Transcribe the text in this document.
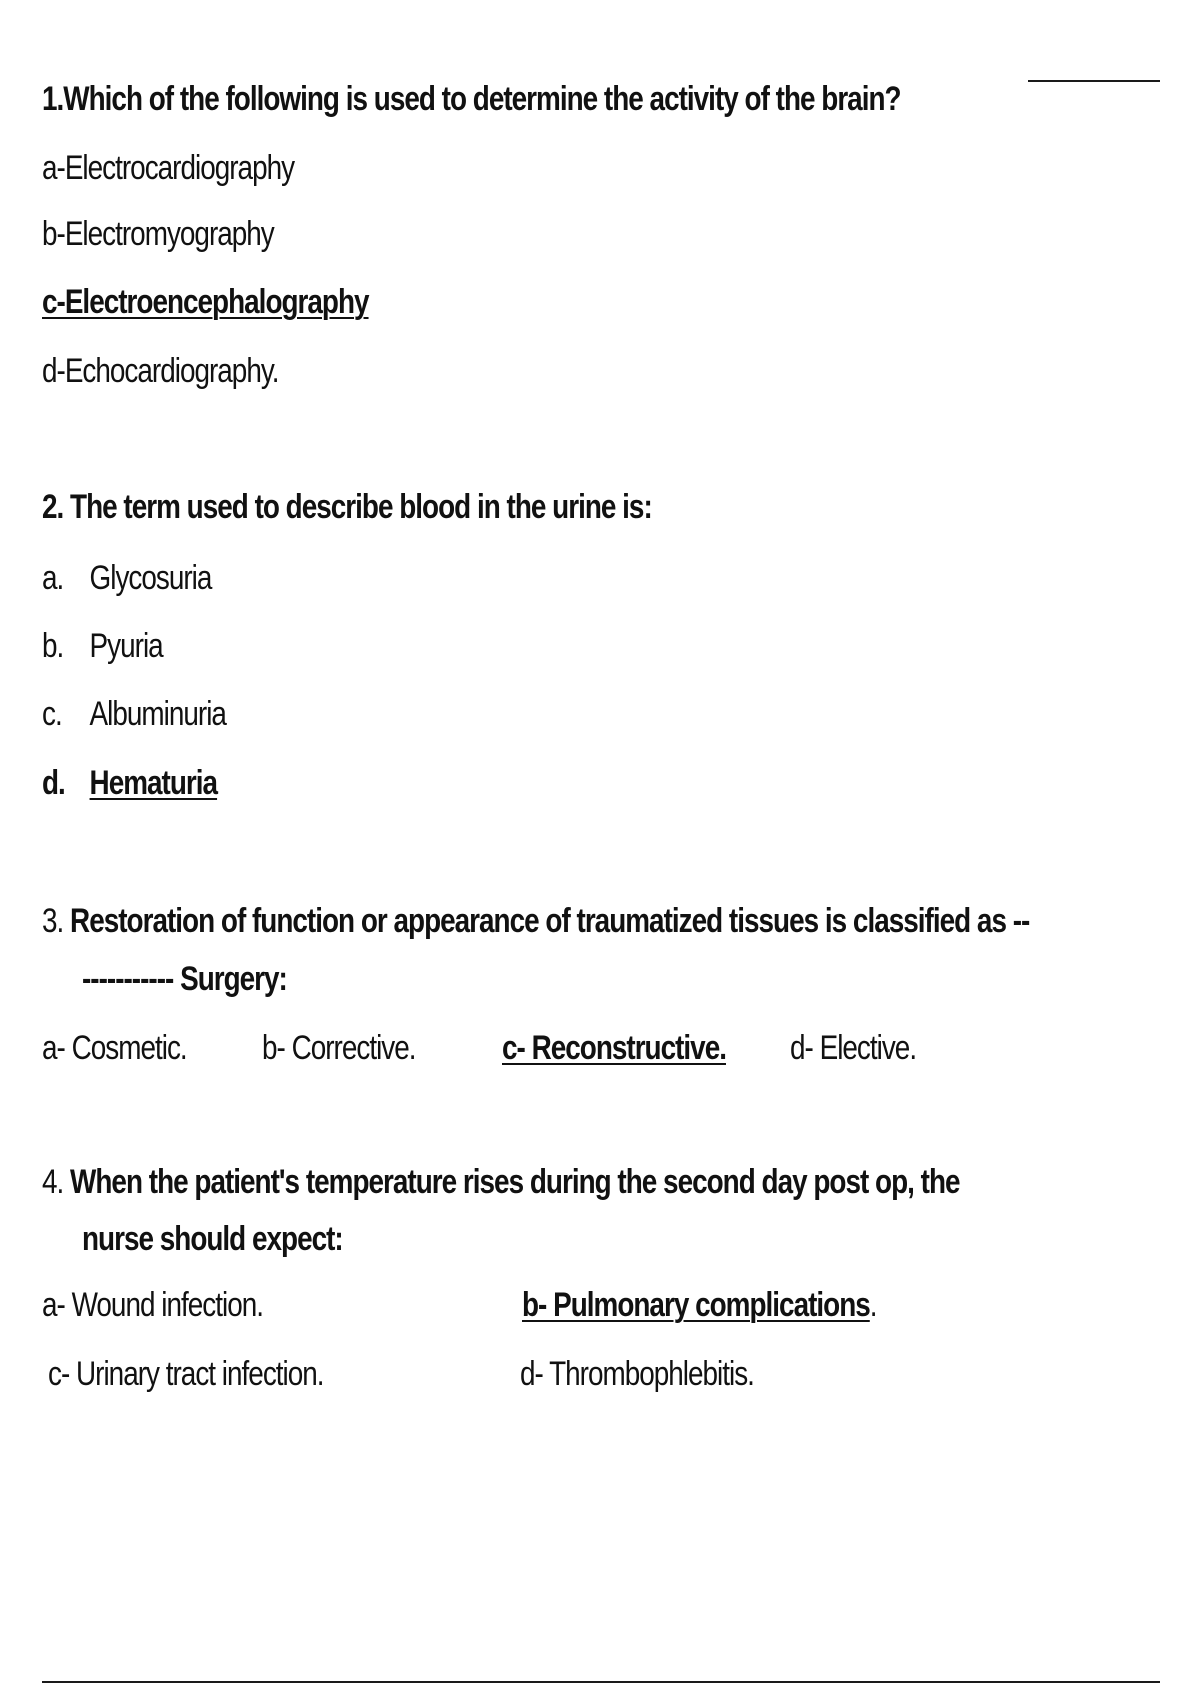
1.Which of the following is used to determine the activity of the brain?
a-Electrocardiography
b-Electromyography
c-Electroencephalography
d-Echocardiography.
2. The term used to describe blood in the urine is:
a. Glycosuria
b. Pyuria
c. Albuminuria
d. Hematuria
3. Restoration of function or appearance of traumatized tissues is classified as --
----------- Surgery:
a- Cosmetic. b- Corrective.	c- Reconstructive. d- Elective.
4. When the patient's temperature rises during the second day post op, the
nurse should expect:
a- Wound infection.	b- Pulmonary complications.
c- Urinary tract infection.	d- Thrombophlebitis.
